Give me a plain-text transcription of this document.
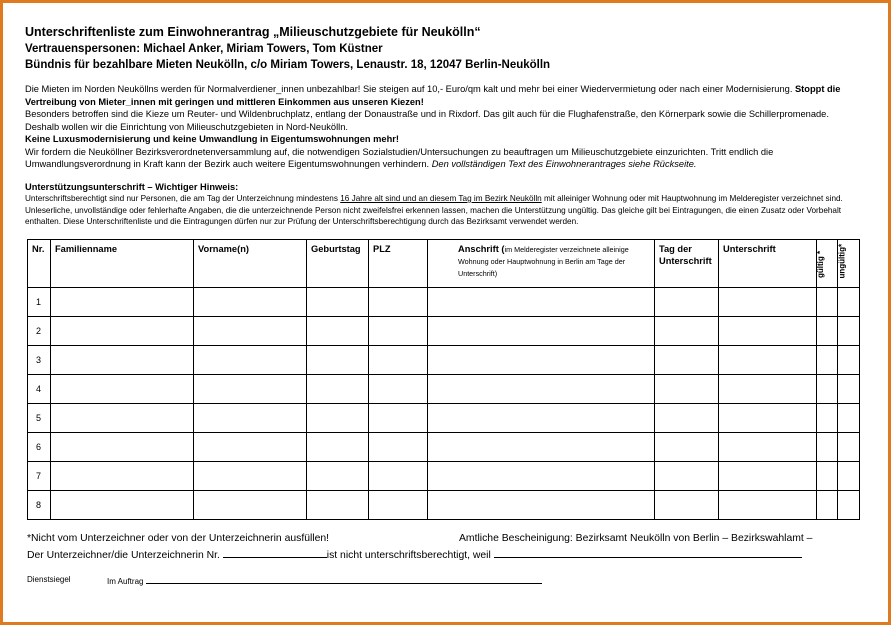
Unterschriftenliste zum Einwohnerantrag „Milieuschutzgebiete für Neukölln“
Vertrauenspersonen: Michael Anker, Miriam Towers, Tom Küstner
Bündnis für bezahlbare Mieten Neukölln, c/o Miriam Towers, Lenaustr. 18, 12047 Berlin-Neukölln

Die Mieten im Norden Neuköllns werden für Normalverdiener_innen unbezahlbar! Sie steigen auf 10,- Euro/qm kalt und mehr bei einer Wiedervermietung oder nach einer Modernisierung. Stoppt die Vertreibung von Mieter_innen mit geringen und mittleren Einkommen aus unseren Kiezen!

Besonders betroffen sind die Kieze um Reuter- und Wildenbruchplatz, entlang der Donaustraße und in Rixdorf. Das gilt auch für die Flughafenstraße, den Körnerpark sowie die Schillerpromenade. Deshalb wollen wir die Einrichtung von Milieuschutzgebieten in Nord-Neukölln.

Keine Luxusmodernisierung und keine Umwandlung in Eigentumswohnungen mehr!

Wir fordern die Neuköllner Bezirksverordnetenversammlung auf, die notwendigen Sozialstudien/Untersuchungen zu beauftragen um Milieuschutzgebiete einzurichten. Tritt endlich die Umwandlungsverordnung in Kraft kann der Bezirk auch weitere Eigentumswohnungen verhindern. Den vollständigen Text des Einwohnerantrages siehe Rückseite.

Unterstützungsunterschrift – Wichtiger Hinweis:
Unterschriftsberechtigt sind nur Personen, die am Tag der Unterzeichnung mindestens 16 Jahre alt sind und an diesem Tag im Bezirk Neukölln mit alleiniger Wohnung oder mit Hauptwohnung im Melderegister verzeichnet sind. Unleserliche, unvollständige oder fehlerhafte Angaben, die die unterzeichnende Person nicht zweifelsfrei erkennen lassen, machen die Unterstützung ungültig. Das gleiche gilt bei Eintragungen, die einen Zusatz oder Vorbehalt enthalten. Diese Unterschriftenliste und die Eintragungen dürfen nur zur Prüfung der Unterschriftsberechtigung durch das Bezirksamt verwendet werden.
Nr.	Familienname	Vorname(n)	Geburtstag	PLZ	Anschrift (im Melderegister verzeichnete alleinige Wohnung oder Hauptwohnung in Berlin am Tage der Unterschrift)	Tag der Unterschrift	Unterschrift	gültig *	ungültig*

1									
2									
3									
4									
5									
6									
7									
8									
*Nicht vom Unterzeichner oder von der Unterzeichnerin ausfüllen!	Amtliche Bescheinigung: Bezirksamt Neukölln von Berlin – Bezirkswahlamt –
Der Unterzeichner/die Unterzeichnerin Nr.	ist nicht unterschriftsberechtigt, weil
Dienstsiegel	Im Auftrag
